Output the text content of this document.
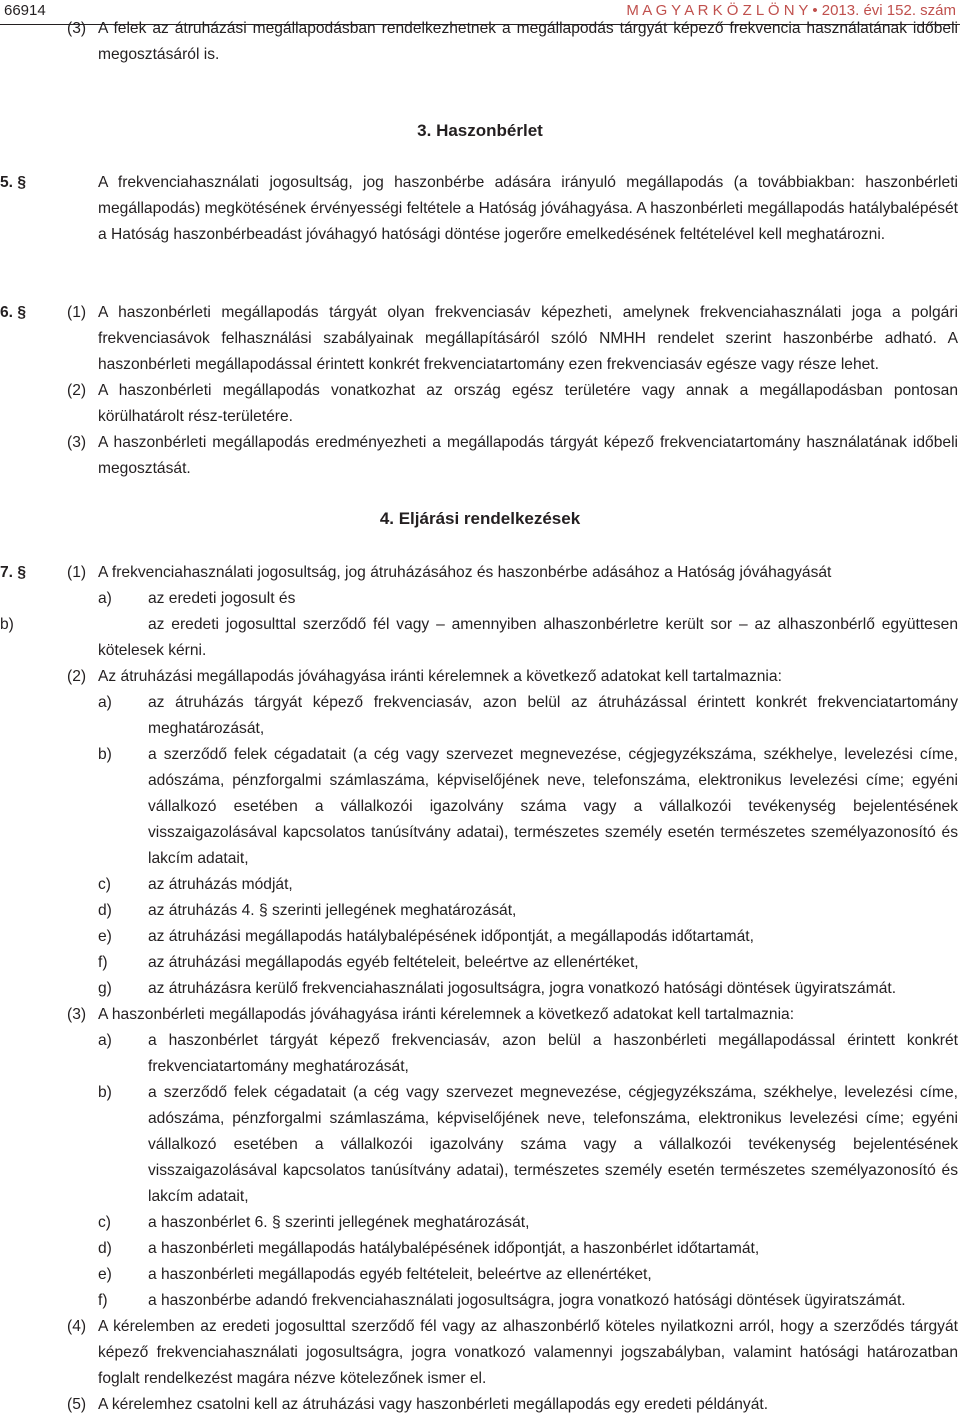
66914	M A G Y A R K Ö Z L Ö N Y • 2013. évi 152. szám
(3) A felek az átruházási megállapodásban rendelkezhetnek a megállapodás tárgyát képező frekvencia használatának időbeli megosztásáról is.
3. Haszonbérlet
5. §	A frekvenciahasználati jogosultság, jog haszonbérbe adására irányuló megállapodás (a továbbiakban: haszonbérleti megállapodás) megkötésének érvényességi feltétele a Hatóság jóváhagyása. A haszonbérleti megállapodás hatálybalépését a Hatóság haszonbérbeadást jóváhagyó hatósági döntése jogerőre emelkedésének feltételével kell meghatározni.
6. §	(1) A haszonbérleti megállapodás tárgyát olyan frekvenciasáv képezheti, amelynek frekvenciahasználati joga a polgári frekvenciasávok felhasználási szabályainak megállapításáról szóló NMHH rendelet szerint haszonbérbe adható. A haszonbérleti megállapodással érintett konkrét frekvenciatartomány ezen frekvenciasáv egésze vagy része lehet.
(2) A haszonbérleti megállapodás vonatkozhat az ország egész területére vagy annak a megállapodásban pontosan körülhatárolt rész-területére.
(3) A haszonbérleti megállapodás eredményezheti a megállapodás tárgyát képező frekvenciatartomány használatának időbeli megosztását.
4. Eljárási rendelkezések
7. §	(1) A frekvenciahasználati jogosultság, jog átruházásához és haszonbérbe adásához a Hatóság jóváhagyását
a) az eredeti jogosult és
b)	az eredeti jogosulttal szerződő fél vagy – amennyiben alhaszonbérletre került sor – az alhaszonbérlő együttesen kötelesek kérni.
(2) Az átruházási megállapodás jóváhagyása iránti kérelemnek a következő adatokat kell tartalmaznia:
a) az átruházás tárgyát képező frekvenciasáv, azon belül az átruházással érintett konkrét frekvenciatartomány meghatározását,
b) a szerződő felek cégadatait (a cég vagy szervezet megnevezése, cégjegyzékszáma, székhelye, levelezési címe, adószáma, pénzforgalmi számlaszáma, képviselőjének neve, telefonszáma, elektronikus levelezési címe; egyéni vállalkozó esetében a vállalkozói igazolvány száma vagy a vállalkozói tevékenység bejelentésének visszaigazolásával kapcsolatos tanúsítvány adatai), természetes személy esetén természetes személyazonosító és lakcím adatait,
c) az átruházás módját,
d) az átruházás 4. § szerinti jellegének meghatározását,
e) az átruházási megállapodás hatálybalépésének időpontját, a megállapodás időtartamát,
f)	az átruházási megállapodás egyéb feltételeit, beleértve az ellenértéket,
g) az átruházásra kerülő frekvenciahasználati jogosultságra, jogra vonatkozó hatósági döntések ügyiratszámát.
(3) A haszonbérleti megállapodás jóváhagyása iránti kérelemnek a következő adatokat kell tartalmaznia:
a) a haszonbérlet tárgyát képező frekvenciasáv, azon belül a haszonbérleti megállapodással érintett konkrét frekvenciatartomány meghatározását,
b) a szerződő felek cégadatait (a cég vagy szervezet megnevezése, cégjegyzékszáma, székhelye, levelezési címe, adószáma, pénzforgalmi számlaszáma, képviselőjének neve, telefonszáma, elektronikus levelezési címe; egyéni vállalkozó esetében a vállalkozói igazolvány száma vagy a vállalkozói tevékenység bejelentésének visszaigazolásával kapcsolatos tanúsítvány adatai), természetes személy esetén természetes személyazonosító és lakcím adatait,
c) a haszonbérlet 6. § szerinti jellegének meghatározását,
d) a haszonbérleti megállapodás hatálybalépésének időpontját, a haszonbérlet időtartamát,
e) a haszonbérleti megállapodás egyéb feltételeit, beleértve az ellenértéket,
f)	a haszonbérbe adandó frekvenciahasználati jogosultságra, jogra vonatkozó hatósági döntések ügyiratszámát.
(4) A kérelemben az eredeti jogosulttal szerződő fél vagy az alhaszonbérlő köteles nyilatkozni arról, hogy a szerződés tárgyát képező frekvenciahasználati jogosultságra, jogra vonatkozó valamennyi jogszabályban, valamint hatósági határozatban foglalt rendelkezést magára nézve kötelezőnek ismer el.
(5) A kérelemhez csatolni kell az átruházási vagy haszonbérleti megállapodás egy eredeti példányát.
